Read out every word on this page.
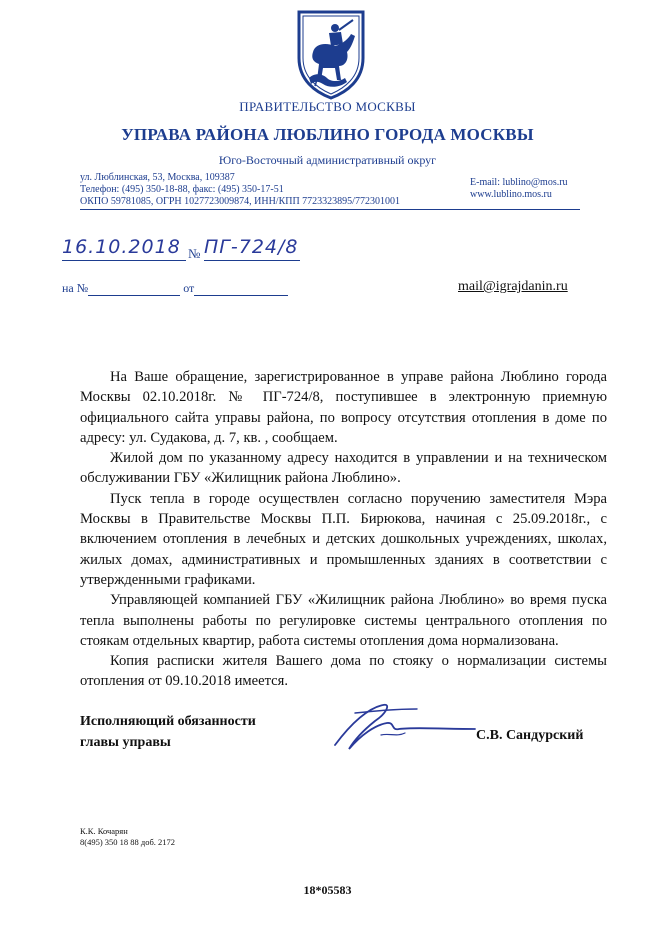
ПРАВИТЕЛЬСТВО МОСКВЫ
УПРАВА РАЙОНА ЛЮБЛИНО ГОРОДА МОСКВЫ
Юго-Восточный административный округ
ул. Люблинская, 53, Москва, 109387
Телефон: (495) 350-18-88, факс: (495) 350-17-51
ОКПО 59781085, ОГРН 1027723009874, ИНН/КПП 7723323895/772301001
E-mail: lublino@mos.ru
www.lublino.mos.ru
16.10.2018 № ПГ-724/8
на №	от	mail@igrajdanin.ru

На Ваше обращение, зарегистрированное в управе района Люблино города Москвы 02.10.2018г. № ПГ-724/8, поступившее в электронную приемную официального сайта управы района, по вопросу отсутствия отопления в доме по адресу: ул. Судакова, д. 7, кв. , сообщаем.

Жилой дом по указанному адресу находится в управлении и на техническом обслуживании ГБУ «Жилищник района Люблино».

Пуск тепла в городе осуществлен согласно поручению заместителя Мэра Москвы в Правительстве Москвы П.П. Бирюкова, начиная с 25.09.2018г., с включением отопления в лечебных и детских дошкольных учреждениях, школах, жилых домах, административных и промышленных зданиях в соответствии с утвержденными графиками.

Управляющей компанией ГБУ «Жилищник района Люблино» во время пуска тепла выполнены работы по регулировке системы центрального отопления по стоякам отдельных квартир, работа системы отопления дома нормализована.

Копия расписки жителя Вашего дома по стояку о нормализации системы отопления от 09.10.2018 имеется.

Исполняющий обязанности
главы управы	С.В. Сандурский
К.К. Кочарян
8(495) 350 18 88 доб. 2172
18*05583
